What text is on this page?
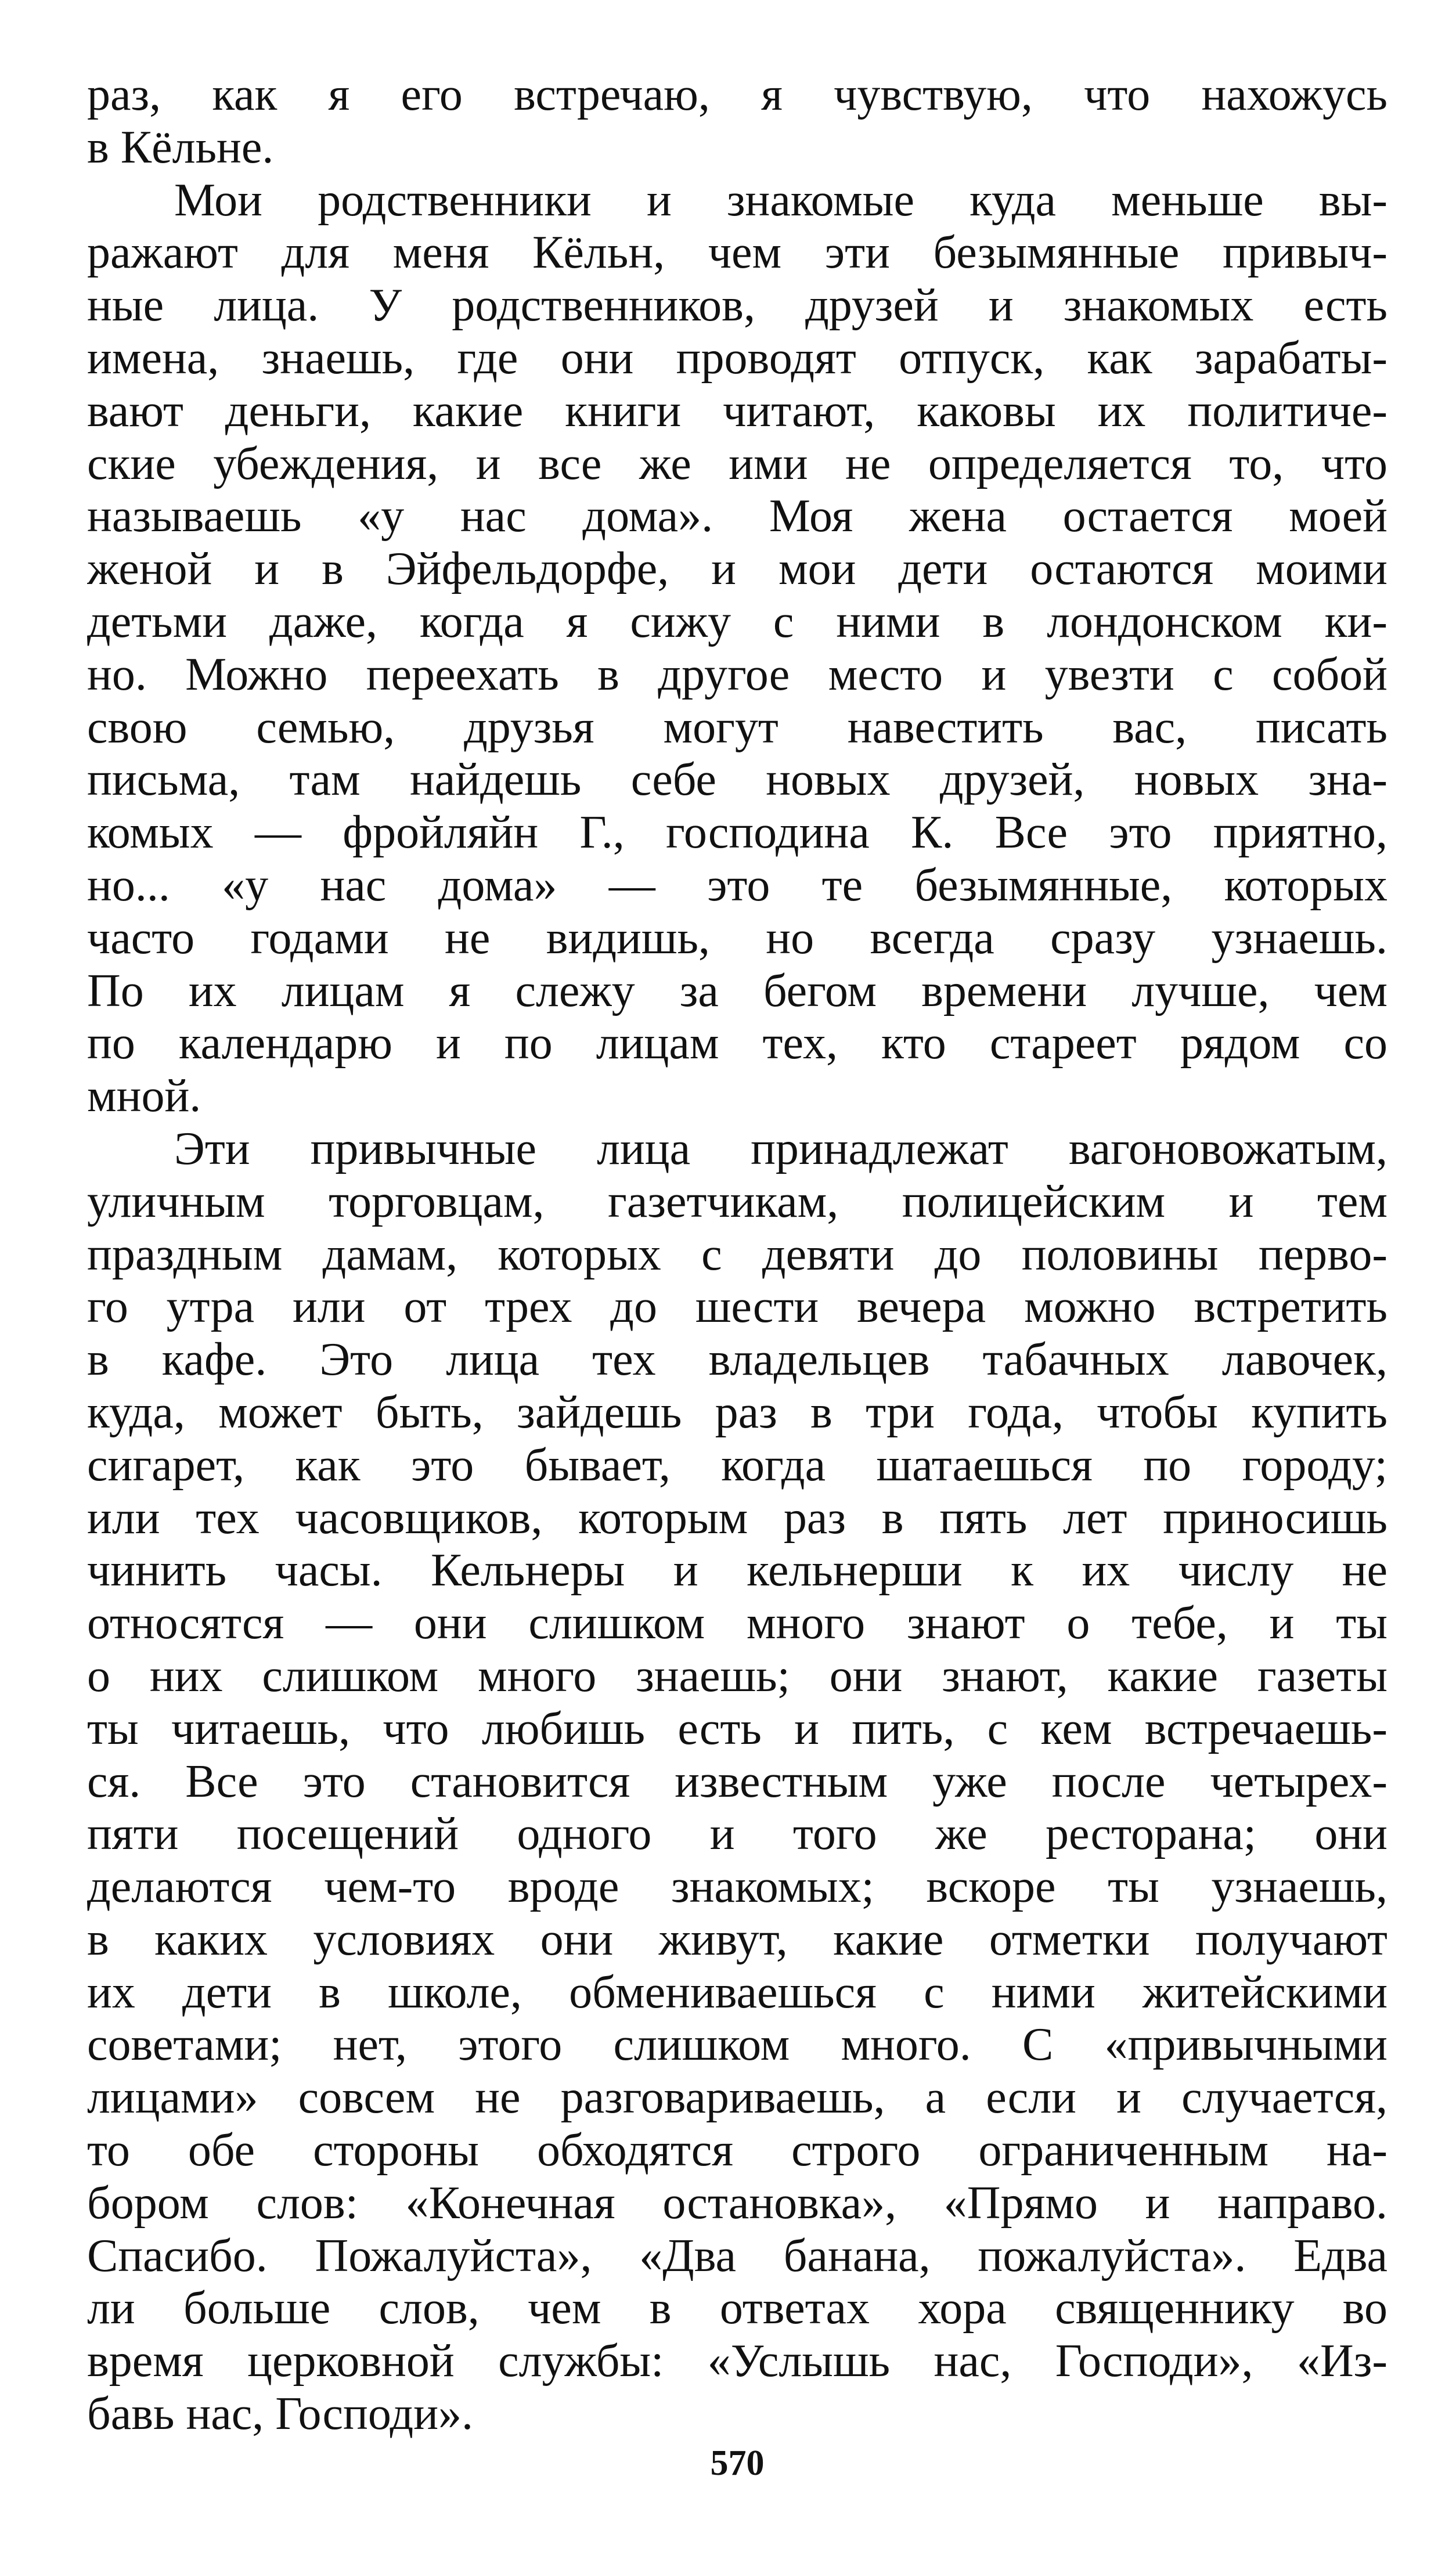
раз, как я его встречаю, я чувствую, что нахожусь
в Кёльне.
Мои родственники и знакомые куда меньше вы-
ражают для меня Кёльн, чем эти безымянные привыч-
ные лица. У родственников, друзей и знакомых есть
имена, знаешь, где они проводят отпуск, как зарабаты-
вают деньги, какие книги читают, каковы их политиче-
ские убеждения, и все же ими не определяется то, что
называешь «у нас дома». Моя жена остается моей
женой и в Эйфельдорфе, и мои дети остаются моими
детьми даже, когда я сижу с ними в лондонском ки-
но. Можно переехать в другое место и увезти с собой
свою семью, друзья могут навестить вас, писать
письма, там найдешь себе новых друзей, новых зна-
комых — фройляйн Г., господина К. Все это приятно,
но... «у нас дома» — это те безымянные, которых
часто годами не видишь, но всегда сразу узнаешь.
По их лицам я слежу за бегом времени лучше, чем
по календарю и по лицам тех, кто стареет рядом со
мной.
Эти привычные лица принадлежат вагоновожатым,
уличным торговцам, газетчикам, полицейским и тем
праздным дамам, которых с девяти до половины перво-
го утра или от трех до шести вечера можно встретить
в кафе. Это лица тех владельцев табачных лавочек,
куда, может быть, зайдешь раз в три года, чтобы купить
сигарет, как это бывает, когда шатаешься по городу;
или тех часовщиков, которым раз в пять лет приносишь
чинить часы. Кельнеры и кельнерши к их числу не
относятся — они слишком много знают о тебе, и ты
о них слишком много знаешь; они знают, какие газеты
ты читаешь, что любишь есть и пить, с кем встречаешь-
ся. Все это становится известным уже после четырех-
пяти посещений одного и того же ресторана; они
делаются чем-то вроде знакомых; вскоре ты узнаешь,
в каких условиях они живут, какие отметки получают
их дети в школе, обмениваешься с ними житейскими
советами; нет, этого слишком много. С «привычными
лицами» совсем не разговариваешь, а если и случается,
то обе стороны обходятся строго ограниченным на-
бором слов: «Конечная остановка», «Прямо и направо.
Спасибо. Пожалуйста», «Два банана, пожалуйста». Едва
ли больше слов, чем в ответах хора священнику во
время церковной службы: «Услышь нас, Господи», «Из-
бавь нас, Господи».
570
